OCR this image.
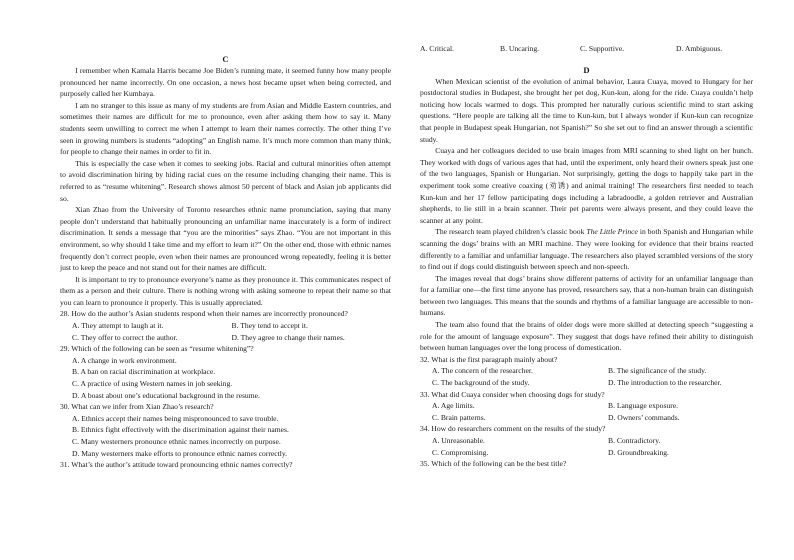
C

I remember when Kamala Harris became Joe Biden’s running mate, it seemed funny how many people pronounced her name incorrectly. On one occasion, a news host became upset when being corrected, and purposely called her Kumbaya.

I am no stranger to this issue as many of my students are from Asian and Middle Eastern countries, and sometimes their names are difficult for me to pronounce, even after asking them how to say it. Many students seem unwilling to correct me when I attempt to learn their names correctly. The other thing I’ve seen in growing numbers is students “adopting” an English name. It’s much more common than many think, for people to change their names in order to fit in.

This is especially the case when it comes to seeking jobs. Racial and cultural minorities often attempt to avoid discrimination hiring by hiding racial cues on the resume including changing their name. This is referred to as “resume whitening”. Research shows almost 50 percent of black and Asian job applicants did so.

Xian Zhao from the University of Toronto researches ethnic name pronunciation, saying that many people don’t understand that habitually pronouncing an unfamiliar name inaccurately is a form of indirect discrimination. It sends a message that “you are the minorities” says Zhao. “You are not important in this environment, so why should I take time and my effort to learn it?” On the other end, those with ethnic names frequently don’t correct people, even when their names are pronounced wrong repeatedly, feeling it is better just to keep the peace and not stand out for their names are difficult.

It is important to try to pronounce everyone’s name as they pronounce it. This communicates respect of them as a person and their culture. There is nothing wrong with asking someone to repeat their name so that you can learn to pronounce it properly. This is usually appreciated.

28. How do the author’s Asian students respond when their names are incorrectly pronounced?
A. They attempt to laugh at it.	B. They tend to accept it.
C. They offer to correct the author.	D. They agree to change their names.
29. Which of the following can be seen as “resume whitening”?
A. A change in work environment.
B. A ban on racial discrimination at workplace.
C. A practice of using Western names in job seeking.
D. A boast about one’s educational background in the resume.
30. What can we infer from Xian Zhao’s research?
A. Ethnics accept their names being mispronounced to save trouble.
B. Ethnics fight effectively with the discrimination against their names.
C. Many westerners pronounce ethnic names incorrectly on purpose.
D. Many westerners make efforts to pronounce ethnic names correctly.
31. What’s the author’s attitude toward pronouncing ethnic names correctly?
A. Critical.	B. Uncaring.	C. Supportive.	D. Ambiguous.
D

When Mexican scientist of the evolution of animal behavior, Laura Cuaya, moved to Hungary for her postdoctoral studies in Budapest, she brought her pet dog, Kun-kun, along for the ride. Cuaya couldn’t help noticing how locals warmed to dogs. This prompted her naturally curious scientific mind to start asking questions. “Here people are talking all the time to Kun-kun, but I always wonder if Kun-kun can recognize that people in Budapest speak Hungarian, not Spanish?” So she set out to find an answer through a scientific study.

Cuaya and her colleagues decided to use brain images from MRI scanning to shed light on her hunch. They worked with dogs of various ages that had, until the experiment, only heard their owners speak just one of the two languages, Spanish or Hungarian. Not surprisingly, getting the dogs to happily take part in the experiment took some creative coaxing (劝诱) and animal training! The researchers first needed to teach Kun-kun and her 17 fellow participating dogs including a labradoodle, a golden retriever and Australian shepherds, to lie still in a brain scanner. Their pet parents were always present, and they could leave the scanner at any point.

The research team played children’s classic book The Little Prince in both Spanish and Hungarian while scanning the dogs’ brains with an MRI machine. They were looking for evidence that their brains reacted differently to a familiar and unfamiliar language. The researchers also played scrambled versions of the story to find out if dogs could distinguish between speech and non-speech.

The images reveal that dogs’ brains show different patterns of activity for an unfamiliar language than for a familiar one—the first time anyone has proved, researchers say, that a non-human brain can distinguish between two languages. This means that the sounds and rhythms of a familiar language are accessible to non-humans.

The team also found that the brains of older dogs were more skilled at detecting speech “suggesting a role for the amount of language exposure”. They suggest that dogs have refined their ability to distinguish between human languages over the long process of domestication.

32. What is the first paragraph mainly about?
A. The concern of the researcher.	B. The significance of the study.
C. The background of the study.	D. The introduction to the researcher.
33. What did Cuaya consider when choosing dogs for study?
A. Age limits.	B. Language exposure.
C. Brain patterns.	D. Owners’ commands.
34. How do researchers comment on the results of the study?
A. Unreasonable.	B. Contradictory.
C. Compromising.	D. Groundbreaking.
35. Which of the following can be the best title?
